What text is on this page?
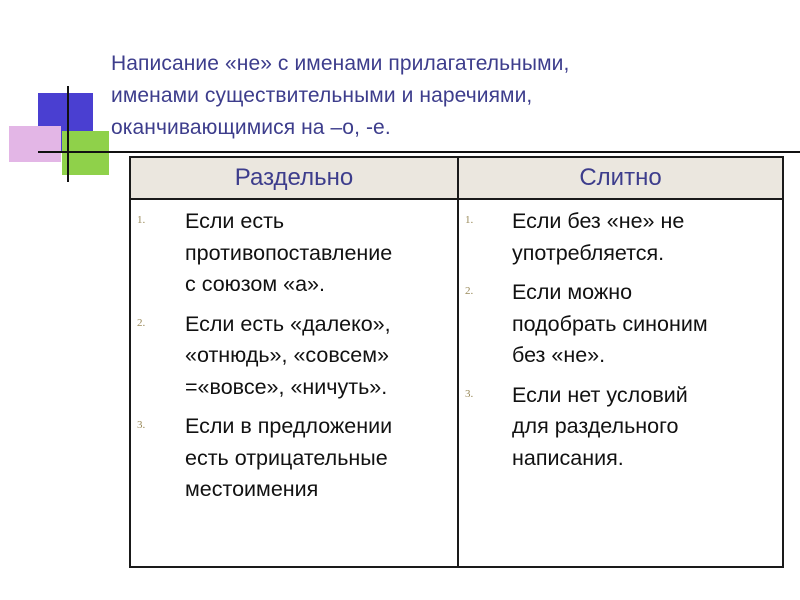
Написание «не» с именами прилагательными,
именами существительными и наречиями,
оканчивающимися на –о, -е.
Раздельно	Слитно
1. Если есть
противопоставление
с союзом «а».
2. Если есть «далеко»,
«отнюдь», «совсем»
=«вовсе», «ничуть».
3. Если в предложении
есть отрицательные
местоимения
1. Если без «не» не
употребляется.
2. Если можно
подобрать синоним
без «не».
3. Если нет условий
для раздельного
написания.
